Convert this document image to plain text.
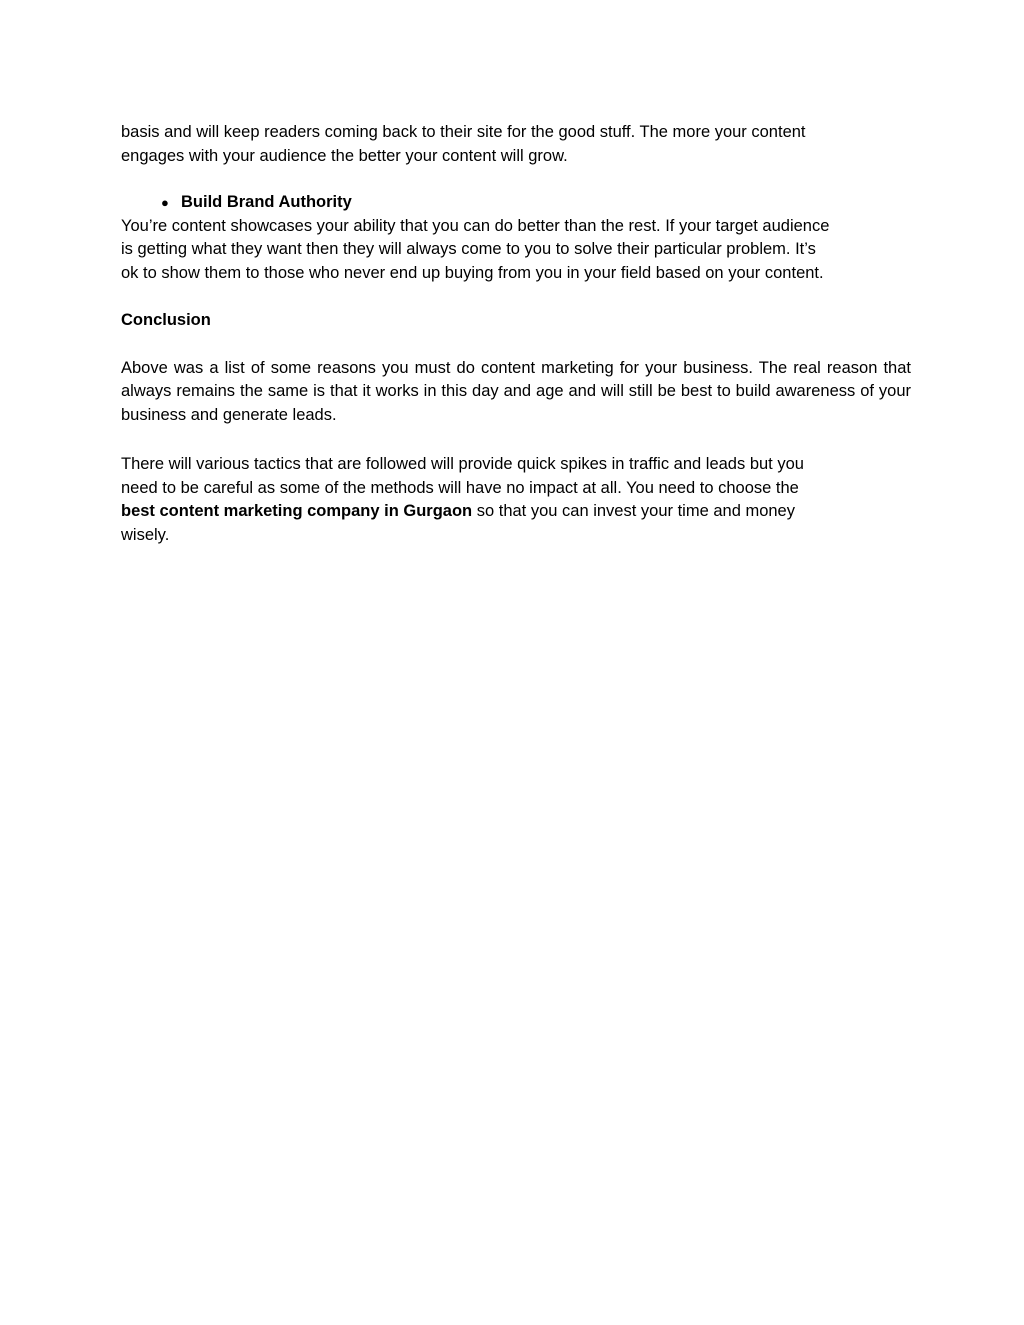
basis and will keep readers coming back to their site for the good stuff. The more your content

engages with your audience the better your content will grow.

● Build Brand Authority

You’re content showcases your ability that you can do better than the rest. If your target audience

is getting what they want then they will always come to you to solve their particular problem. It’s

ok to show them to those who never end up buying from you in your field based on your content.

Conclusion

Above was a list of some reasons you must do content marketing for your business. The real reason that always remains the same is that it works in this day and age and will still be best to build awareness of your business and generate leads.

There will various tactics that are followed will provide quick spikes in traffic and leads but you

need to be careful as some of the methods will have no impact at all. You need to choose the

best content marketing company in Gurgaon so that you can invest your time and money

wisely.
